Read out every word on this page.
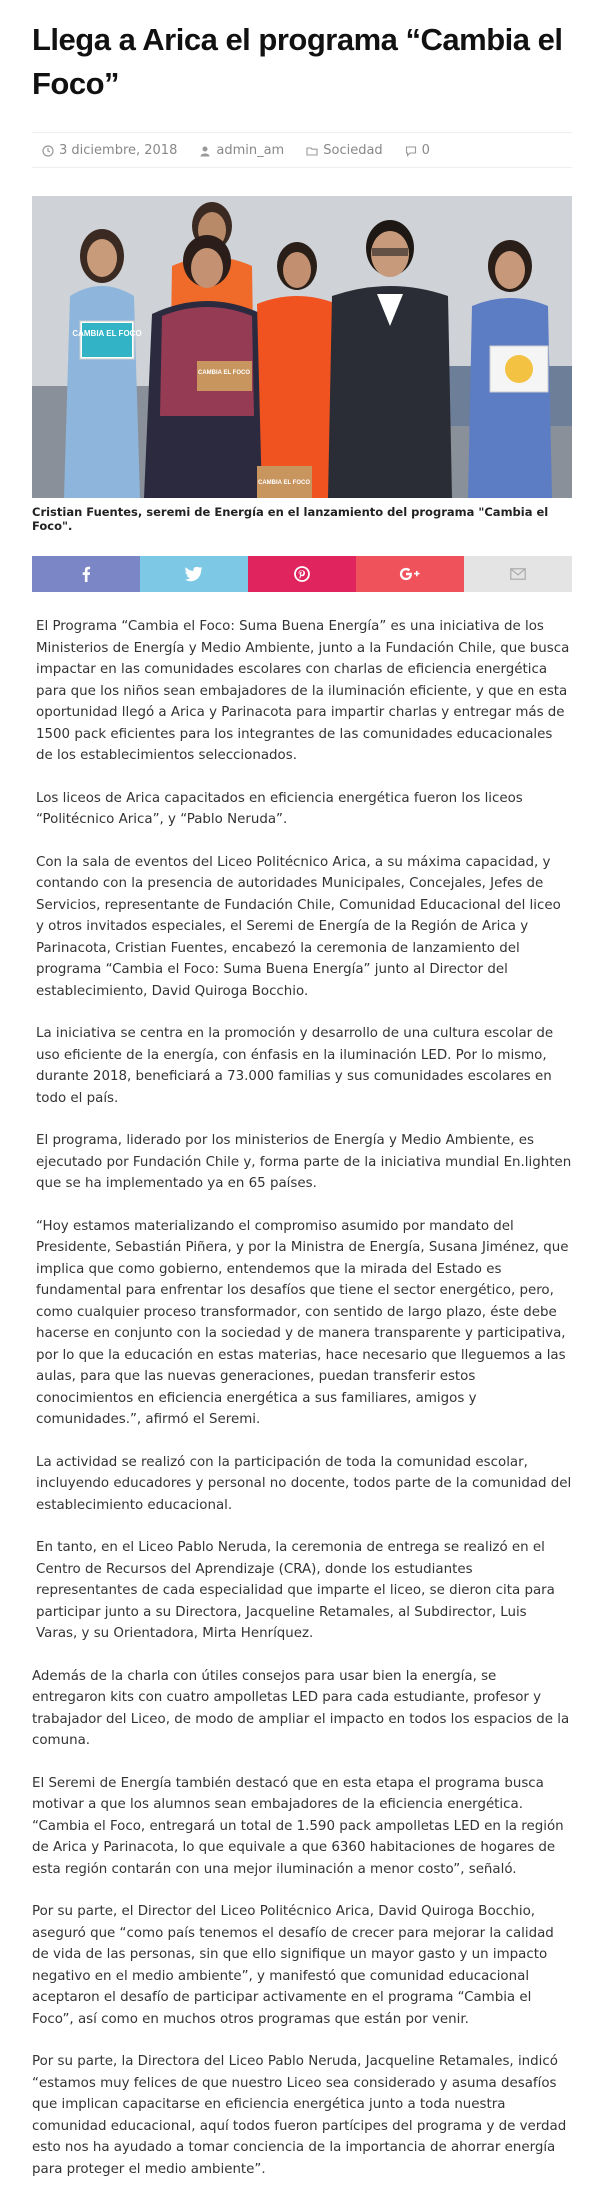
Llega a Arica el programa “Cambia el Foco”
3 diciembre, 2018	admin_am	Sociedad	0
CAMBIA EL FOCO
CAMBIA EL FOCO
CAMBIA EL FOCO
Cristian Fuentes, seremi de Energía en el lanzamiento del programa "Cambia el Foco".

El Programa “Cambia el Foco: Suma Buena Energía” es una iniciativa de los Ministerios de Energía y Medio Ambiente, junto a la Fundación Chile, que busca impactar en las comunidades escolares con charlas de eficiencia energética para que los niños sean embajadores de la iluminación eficiente, y que en esta oportunidad llegó a Arica y Parinacota para impartir charlas y entregar más de 1500 pack eficientes para los integrantes de las comunidades educacionales de los establecimientos seleccionados.

Los liceos de Arica capacitados en eficiencia energética fueron los liceos “Politécnico Arica”, y “Pablo Neruda”.

Con la sala de eventos del Liceo Politécnico Arica, a su máxima capacidad, y contando con la presencia de autoridades Municipales, Concejales, Jefes de Servicios, representante de Fundación Chile, Comunidad Educacional del liceo y otros invitados especiales, el Seremi de Energía de la Región de Arica y Parinacota, Cristian Fuentes, encabezó la ceremonia de lanzamiento del programa “Cambia el Foco: Suma Buena Energía” junto al Director del establecimiento, David Quiroga Bocchio.

La iniciativa se centra en la promoción y desarrollo de una cultura escolar de uso eficiente de la energía, con énfasis en la iluminación LED. Por lo mismo, durante 2018, beneficiará a 73.000 familias y sus comunidades escolares en todo el país.

El programa, liderado por los ministerios de Energía y Medio Ambiente, es ejecutado por Fundación Chile y, forma parte de la iniciativa mundial En.lighten que se ha implementado ya en 65 países.

“Hoy estamos materializando el compromiso asumido por mandato del Presidente, Sebastián Piñera, y por la Ministra de Energía, Susana Jiménez, que implica que como gobierno, entendemos que la mirada del Estado es fundamental para enfrentar los desafíos que tiene el sector energético, pero, como cualquier proceso transformador, con sentido de largo plazo, éste debe hacerse en conjunto con la sociedad y de manera transparente y participativa, por lo que la educación en estas materias, hace necesario que lleguemos a las aulas, para que las nuevas generaciones, puedan transferir estos conocimientos en eficiencia energética a sus familiares, amigos y comunidades.”, afirmó el Seremi.

La actividad se realizó con la participación de toda la comunidad escolar, incluyendo educadores y personal no docente, todos parte de la comunidad del establecimiento educacional.

En tanto, en el Liceo Pablo Neruda, la ceremonia de entrega se realizó en el Centro de Recursos del Aprendizaje (CRA), donde los estudiantes representantes de cada especialidad que imparte el liceo, se dieron cita para participar junto a su Directora, Jacqueline Retamales, al Subdirector, Luis Varas, y su Orientadora, Mirta Henríquez.

Además de la charla con útiles consejos para usar bien la energía, se entregaron kits con cuatro ampolletas LED para cada estudiante, profesor y trabajador del Liceo, de modo de ampliar el impacto en todos los espacios de la comuna.

El Seremi de Energía también destacó que en esta etapa el programa busca motivar a que los alumnos sean embajadores de la eficiencia energética. “Cambia el Foco, entregará un total de 1.590 pack ampolletas LED en la región de Arica y Parinacota, lo que equivale a que 6360 habitaciones de hogares de esta región contarán con una mejor iluminación a menor costo”, señaló.

Por su parte, el Director del Liceo Politécnico Arica, David Quiroga Bocchio, aseguró que “como país tenemos el desafío de crecer para mejorar la calidad de vida de las personas, sin que ello signifique un mayor gasto y un impacto negativo en el medio ambiente”, y manifestó que comunidad educacional aceptaron el desafío de participar activamente en el programa “Cambia el Foco”, así como en muchos otros programas que están por venir.

Por su parte, la Directora del Liceo Pablo Neruda, Jacqueline Retamales, indicó “estamos muy felices de que nuestro Liceo sea considerado y asuma desafíos que implican capacitarse en eficiencia energética junto a toda nuestra comunidad educacional, aquí todos fueron partícipes del programa y de verdad esto nos ha ayudado a tomar conciencia de la importancia de ahorrar energía para proteger el medio ambiente”.
